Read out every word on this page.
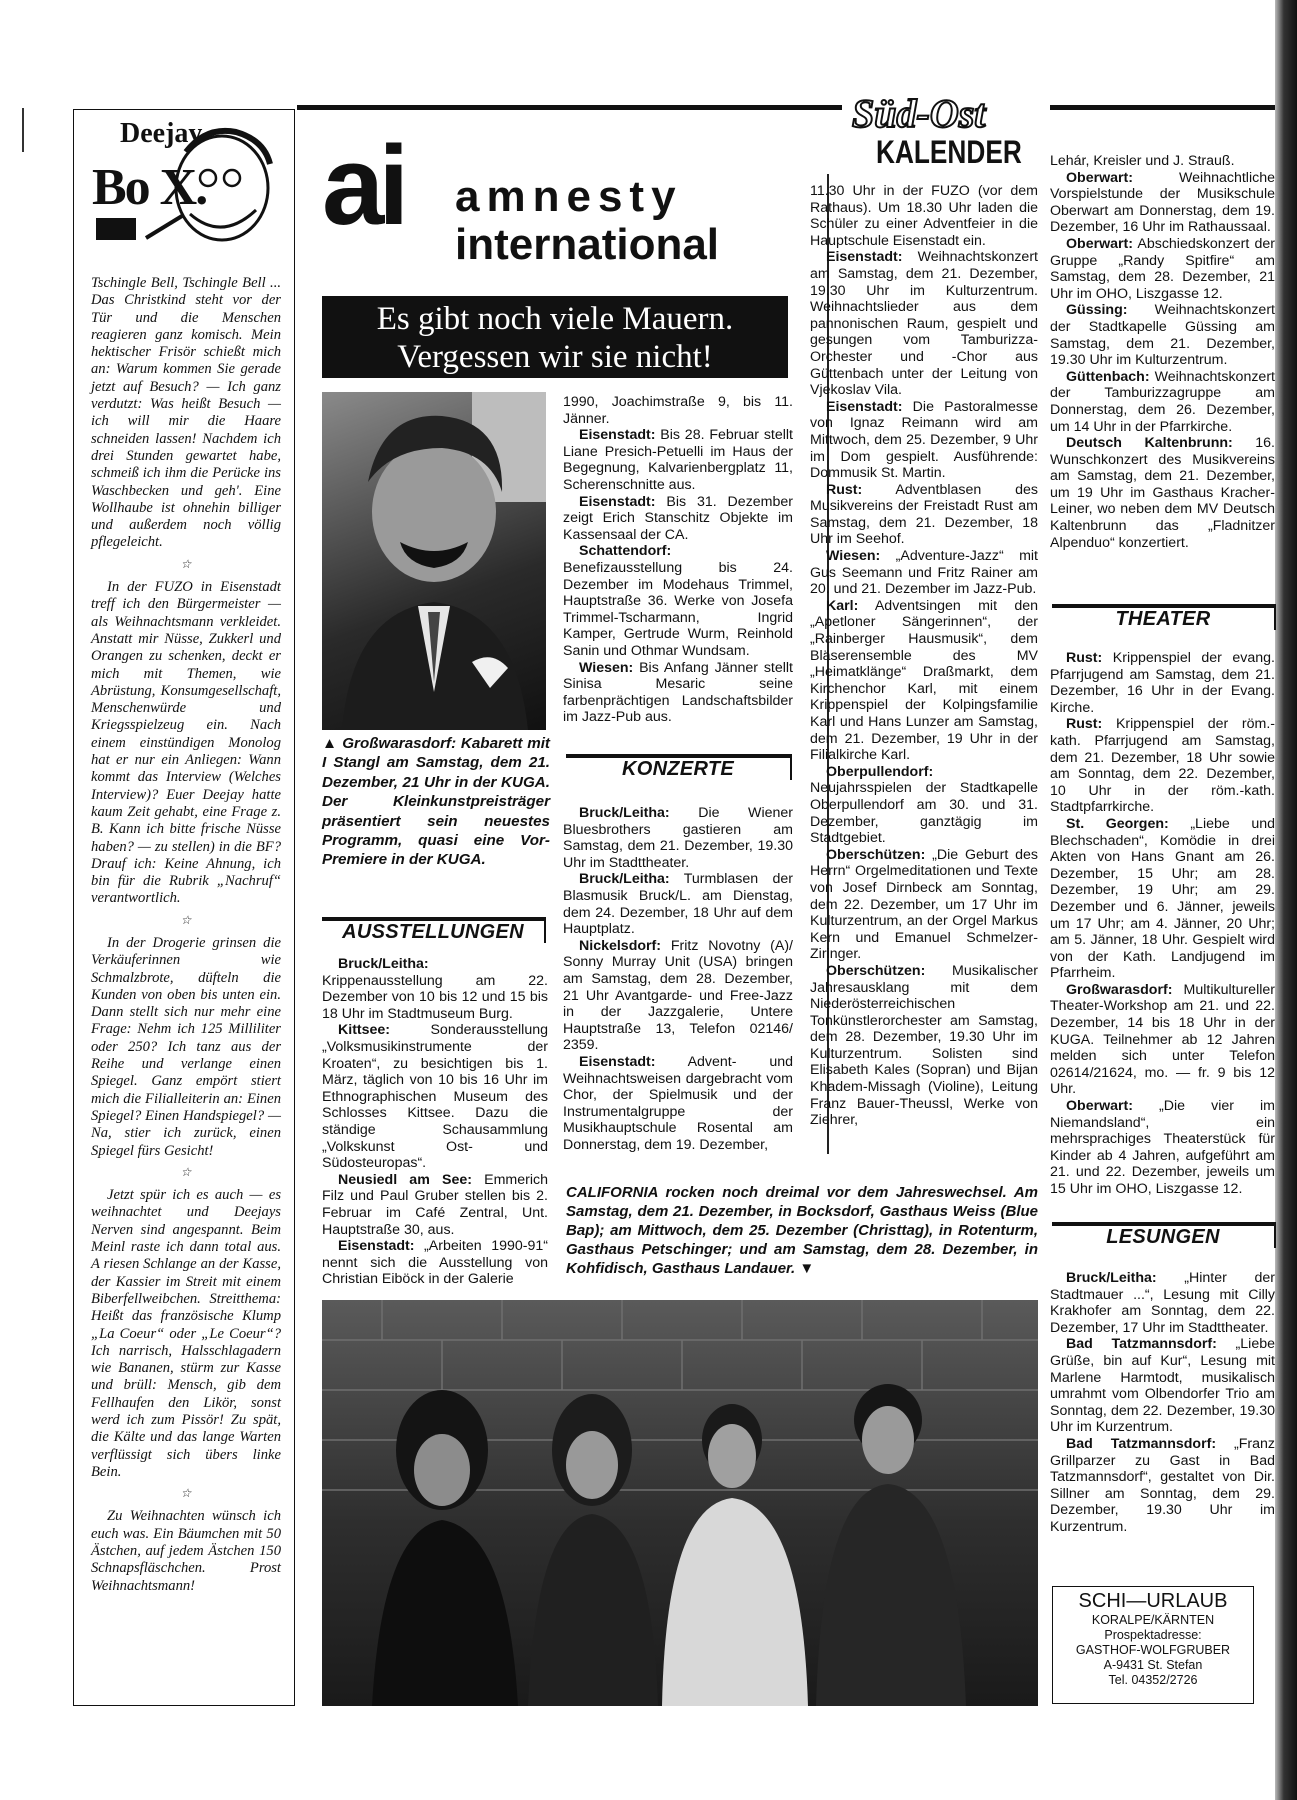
Deejay
Bo X.

Tschingle Bell, Tschingle Bell ... Das Christkind steht vor der Tür und die Menschen reagieren ganz komisch. Mein hektischer Frisör schießt mich an: Warum kommen Sie gerade jetzt auf Besuch? — Ich ganz verdutzt: Was heißt Besuch — ich will mir die Haare schneiden lassen! Nachdem ich drei Stunden gewartet habe, schmeiß ich ihm die Perücke ins Waschbecken und geh'. Eine Wollhaube ist ohnehin billiger und außerdem noch völlig pflegeleicht.

☆

In der FUZO in Eisenstadt treff ich den Bürgermeister — als Weihnachtsmann verkleidet. Anstatt mir Nüsse, Zukkerl und Orangen zu schenken, deckt er mich mit Themen, wie Abrüstung, Konsumgesellschaft, Menschenwürde und Kriegsspielzeug ein. Nach einem einstündigen Monolog hat er nur ein Anliegen: Wann kommt das Interview (Welches Interview)? Euer Deejay hatte kaum Zeit gehabt, eine Frage z. B. Kann ich bitte frische Nüsse haben? — zu stellen) in die BF? Drauf ich: Keine Ahnung, ich bin für die Rubrik „Nachruf“ verantwortlich.

☆

In der Drogerie grinsen die Verkäuferinnen wie Schmalzbrote, düfteln die Kunden von oben bis unten ein. Dann stellt sich nur mehr eine Frage: Nehm ich 125 Milliliter oder 250? Ich tanz aus der Reihe und verlange einen Spiegel. Ganz empört stiert mich die Filialleiterin an: Einen Spiegel? Einen Handspiegel? — Na, stier ich zurück, einen Spiegel fürs Gesicht!

☆

Jetzt spür ich es auch — es weihnachtet und Deejays Nerven sind angespannt. Beim Meinl raste ich dann total aus. A riesen Schlange an der Kasse, der Kassier im Streit mit einem Biberfellweibchen. Streitthema: Heißt das französische Klump „La Coeur“ oder „Le Coeur“? Ich narrisch, Halsschlagadern wie Bananen, stürm zur Kasse und brüll: Mensch, gib dem Fellhaufen den Likör, sonst werd ich zum Pissör! Zu spät, die Kälte und das lange Warten verflüssigt sich übers linke Bein.

☆

Zu Weihnachten wünsch ich euch was. Ein Bäumchen mit 50 Ästchen, auf jedem Ästchen 150 Schnapsfläschchen. Prost Weihnachtsmann!

Süd-Ost
KALENDER
ai amnesty
international
Es gibt noch viele Mauern.
Vergessen wir sie nicht!
▲ Großwarasdorf: Kabarett mit I Stangl am Samstag, dem 21. Dezember, 21 Uhr in der KUGA. Der Kleinkunstpreisträger präsentiert sein neuestes Programm, quasi eine Vor-Premiere in der KUGA.
AUSSTELLUNGEN

Bruck/Leitha: Krippenausstellung am 22. Dezember von 10 bis 12 und 15 bis 18 Uhr im Stadtmuseum Burg.

Kittsee: Sonderausstellung „Volksmusikinstrumente der Kroaten“, zu besichtigen bis 1. März, täglich von 10 bis 16 Uhr im Ethnographischen Museum des Schlosses Kittsee. Dazu die ständige Schausammlung „Volkskunst Ost- und Südosteuropas“.

Neusiedl am See: Emmerich Filz und Paul Gruber stellen bis 2. Februar im Café Zentral, Unt. Hauptstraße 30, aus.

Eisenstadt: „Arbeiten 1990-91“ nennt sich die Ausstellung von Christian Eiböck in der Galerie

1990, Joachimstraße 9, bis 11. Jänner.

Eisenstadt: Bis 28. Februar stellt Liane Presich-Petuelli im Haus der Begegnung, Kalvarienbergplatz 11, Scherenschnitte aus.

Eisenstadt: Bis 31. Dezember zeigt Erich Stanschitz Objekte im Kassensaal der CA.

Schattendorf: Benefizausstellung bis 24. Dezember im Modehaus Trimmel, Hauptstraße 36. Werke von Josefa Trimmel-Tscharmann, Ingrid Kamper, Gertrude Wurm, Reinhold Sanin und Othmar Wundsam.

Wiesen: Bis Anfang Jänner stellt Sinisa Mesaric seine farbenprächtigen Landschaftsbilder im Jazz-Pub aus.

KONZERTE

Bruck/Leitha: Die Wiener Bluesbrothers gastieren am Samstag, dem 21. Dezember, 19.30 Uhr im Stadttheater.

Bruck/Leitha: Turmblasen der Blasmusik Bruck/L. am Dienstag, dem 24. Dezember, 18 Uhr auf dem Hauptplatz.

Nickelsdorf: Fritz Novotny (A)/ Sonny Murray Unit (USA) bringen am Samstag, dem 28. Dezember, 21 Uhr Avantgarde- und Free-Jazz in der Jazzgalerie, Untere Hauptstraße 13, Telefon 02146/ 2359.

Eisenstadt: Advent- und Weihnachtsweisen dargebracht vom Chor, der Spielmusik und der Instrumentalgruppe der Musikhauptschule Rosental am Donnerstag, dem 19. Dezember,

11.30 Uhr in der FUZO (vor dem Rathaus). Um 18.30 Uhr laden die Schüler zu einer Adventfeier in die Hauptschule Eisenstadt ein.

Eisenstadt: Weihnachtskonzert am Samstag, dem 21. Dezember, 19.30 Uhr im Kulturzentrum. Weihnachtslieder aus dem pannonischen Raum, gespielt und gesungen vom Tamburizza-Orchester und -Chor aus Güttenbach unter der Leitung von Vjekoslav Vila.

Eisenstadt: Die Pastoralmesse von Ignaz Reimann wird am Mittwoch, dem 25. Dezember, 9 Uhr im Dom gespielt. Ausführende: Dommusik St. Martin.

Rust: Adventblasen des Musikvereins der Freistadt Rust am Samstag, dem 21. Dezember, 18 Uhr im Seehof.

Wiesen: „Adventure-Jazz“ mit Gus Seemann und Fritz Rainer am 20. und 21. Dezember im Jazz-Pub.

Karl: Adventsingen mit den „Apetloner Sängerinnen“, der „Rainberger Hausmusik“, dem Bläserensemble des MV „Heimatklänge“ Draßmarkt, dem Kirchenchor Karl, mit einem Krippenspiel der Kolpingsfamilie Karl und Hans Lunzer am Samstag, dem 21. Dezember, 19 Uhr in der Filialkirche Karl.

Oberpullendorf: Neujahrsspielen der Stadtkapelle Oberpullendorf am 30. und 31. Dezember, ganztägig im Stadtgebiet.

Oberschützen: „Die Geburt des Herrn“ Orgelmeditationen und Texte von Josef Dirnbeck am Sonntag, dem 22. Dezember, um 17 Uhr im Kulturzentrum, an der Orgel Markus Kern und Emanuel Schmelzer-Ziringer.

Oberschützen: Musikalischer Jahresausklang mit dem Niederösterreichischen Tonkünstlerorchester am Samstag, dem 28. Dezember, 19.30 Uhr im Kulturzentrum. Solisten sind Elisabeth Kales (Sopran) und Bijan Khadem-Missagh (Violine), Leitung Franz Bauer-Theussl, Werke von Ziehrer,

CALIFORNIA rocken noch dreimal vor dem Jahreswechsel. Am Samstag, dem 21. Dezember, in Bocksdorf, Gasthaus Weiss (Blue Bap); am Mittwoch, dem 25. Dezember (Christtag), in Rotenturm, Gasthaus Petschinger; und am Samstag, dem 28. Dezember, in Kohfidisch, Gasthaus Landauer. ▼

Lehár, Kreisler und J. Strauß.

Oberwart: Weihnachtliche Vorspielstunde der Musikschule Oberwart am Donnerstag, dem 19. Dezember, 16 Uhr im Rathaussaal.

Oberwart: Abschiedskonzert der Gruppe „Randy Spitfire“ am Samstag, dem 28. Dezember, 21 Uhr im OHO, Liszgasse 12.

Güssing: Weihnachtskonzert der Stadtkapelle Güssing am Samstag, dem 21. Dezember, 19.30 Uhr im Kulturzentrum.

Güttenbach: Weihnachtskonzert der Tamburizzagruppe am Donnerstag, dem 26. Dezember, um 14 Uhr in der Pfarrkirche.

Deutsch Kaltenbrunn: 16. Wunschkonzert des Musikvereins am Samstag, dem 21. Dezember, um 19 Uhr im Gasthaus Kracher-Leiner, wo neben dem MV Deutsch Kaltenbrunn das „Fladnitzer Alpenduo“ konzertiert.

THEATER

Rust: Krippenspiel der evang. Pfarrjugend am Samstag, dem 21. Dezember, 16 Uhr in der Evang. Kirche.

Rust: Krippenspiel der röm.-kath. Pfarrjugend am Samstag, dem 21. Dezember, 18 Uhr sowie am Sonntag, dem 22. Dezember, 10 Uhr in der röm.-kath. Stadtpfarrkirche.

St. Georgen: „Liebe und Blechschaden“, Komödie in drei Akten von Hans Gnant am 26. Dezember, 15 Uhr; am 28. Dezember, 19 Uhr; am 29. Dezember und 6. Jänner, jeweils um 17 Uhr; am 4. Jänner, 20 Uhr; am 5. Jänner, 18 Uhr. Gespielt wird von der Kath. Landjugend im Pfarrheim.

Großwarasdorf: Multikultureller Theater-Workshop am 21. und 22. Dezember, 14 bis 18 Uhr in der KUGA. Teilnehmer ab 12 Jahren melden sich unter Telefon 02614/21624, mo. — fr. 9 bis 12 Uhr.

Oberwart: „Die vier im Niemandsland“, ein mehrsprachiges Theaterstück für Kinder ab 4 Jahren, aufgeführt am 21. und 22. Dezember, jeweils um 15 Uhr im OHO, Liszgasse 12.

LESUNGEN

Bruck/Leitha: „Hinter der Stadtmauer ...“, Lesung mit Cilly Krakhofer am Sonntag, dem 22. Dezember, 17 Uhr im Stadttheater.

Bad Tatzmannsdorf: „Liebe Grüße, bin auf Kur“, Lesung mit Marlene Harmtodt, musikalisch umrahmt vom Olbendorfer Trio am Sonntag, dem 22. Dezember, 19.30 Uhr im Kurzentrum.

Bad Tatzmannsdorf: „Franz Grillparzer zu Gast in Bad Tatzmannsdorf“, gestaltet von Dir. Sillner am Sonntag, dem 29. Dezember, 19.30 Uhr im Kurzentrum.

SCHI—URLAUB
KORALPE/KÄRNTEN
Prospektadresse:
GASTHOF-WOLFGRUBER
A-9431 St. Stefan
Tel. 04352/2726
